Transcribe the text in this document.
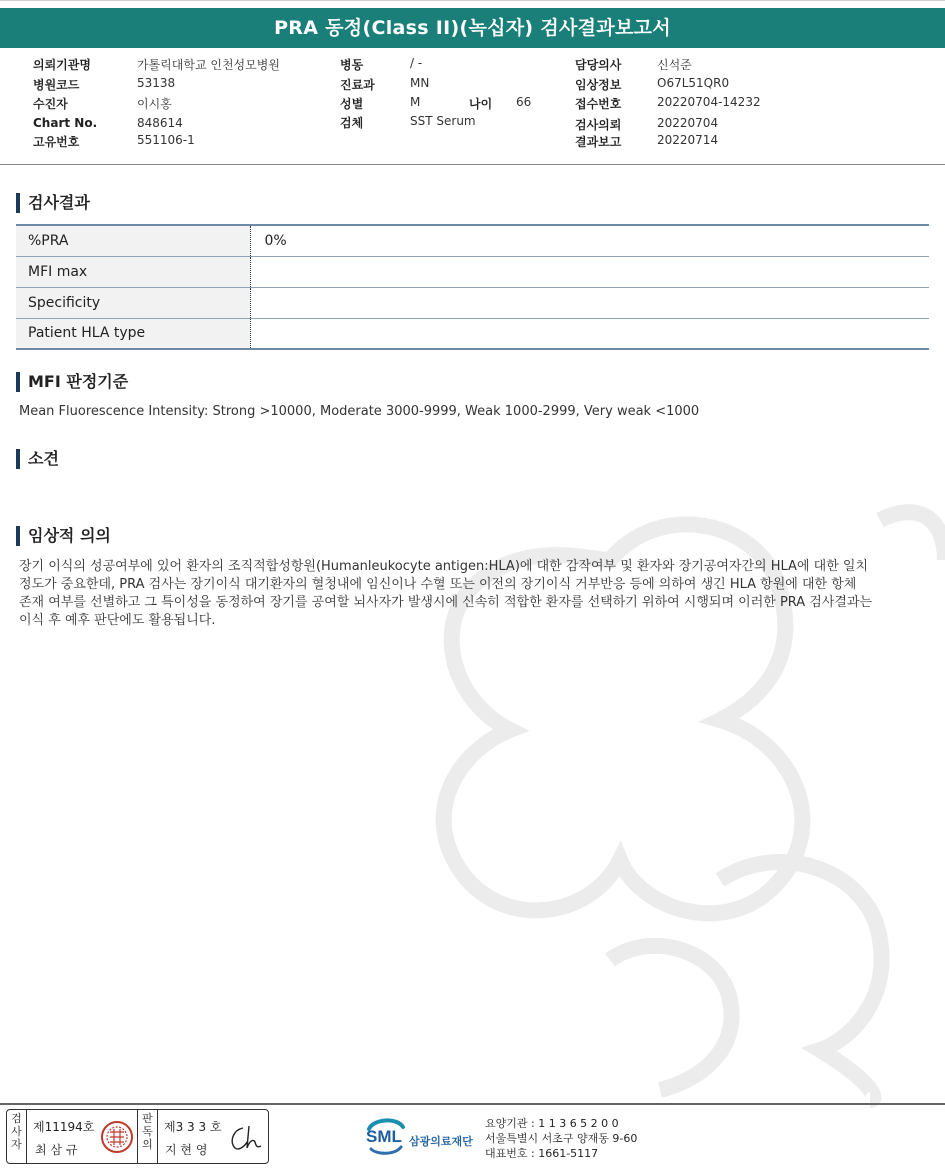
PRA 동정(Class II)(녹십자) 검사결과보고서
의뢰기관명	가톨릭대학교 인천성모병원
병원코드	53138
수진자	이시홍
Chart No.	848614
고유번호	551106-1
병동	/ -
진료과	MN
성별	M	나이 66
검체	SST Serum
담당의사	신석준
임상정보	O67L51QR0
접수번호	20220704-14232
검사의뢰	20220704
결과보고	20220714
검사결과
%PRA	0%
MFI max	
Specificity	
Patient HLA type	
MFI 판정기준
Mean Fluorescence Intensity: Strong >10000, Moderate 3000-9999, Weak 1000-2999, Very weak <1000
소견
임상적 의의
장기 이식의 성공여부에 있어 환자의 조직적합성항원(Humanleukocyte antigen:HLA)에 대한 감작여부 및 환자와 장기공여자간의 HLA에 대한 일치
정도가 중요한데, PRA 검사는 장기이식 대기환자의 혈청내에 임신이나 수혈 또는 이전의 장기이식 거부반응 등에 의하여 생긴 HLA 항원에 대한 항체
존재 여부를 선별하고 그 특이성을 동정하여 장기를 공여할 뇌사자가 발생시에 신속히 적합한 환자를 선택하기 위하여 시행되며 이러한 PRA 검사결과는
이식 후 예후 판단에도 활용됩니다.
검
사
자
제11194호
최 삼 규
판
독
의
제3 3 3 호
지 현 영
SML 삼광의료재단
요양기관 : 1 1 3 6 5 2 0 0
서울특별시 서초구 양재동 9-60
대표번호 : 1661-5117
